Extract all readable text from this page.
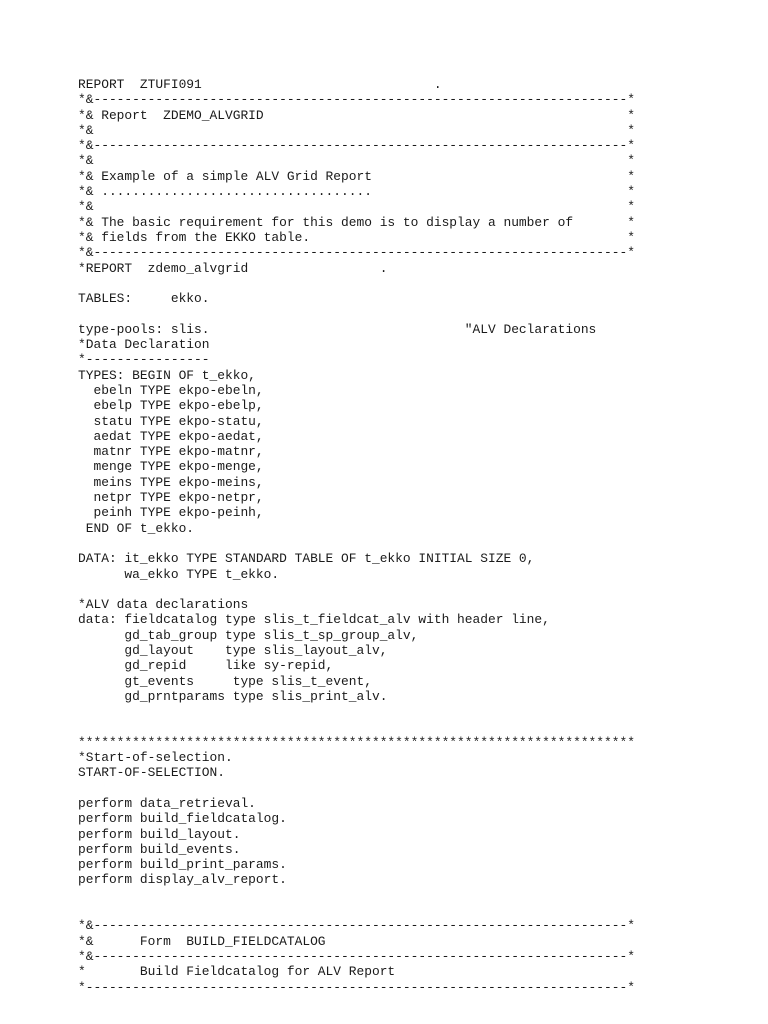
REPORT  ZTUFI091                              .
*&---------------------------------------------------------------------*
*& Report  ZDEMO_ALVGRID                                               *
*&                                                                     *
*&---------------------------------------------------------------------*
*&                                                                     *
*& Example of a simple ALV Grid Report                                 *
*& ...................................                                 *
*&                                                                     *
*& The basic requirement for this demo is to display a number of       *
*& fields from the EKKO table.                                         *
*&---------------------------------------------------------------------*
*REPORT  zdemo_alvgrid                 .
TABLES:     ekko.
type-pools: slis.                                 "ALV Declarations
*Data Declaration
*----------------
TYPES: BEGIN OF t_ekko,
ebeln TYPE ekpo-ebeln,
ebelp TYPE ekpo-ebelp,
statu TYPE ekpo-statu,
aedat TYPE ekpo-aedat,
matnr TYPE ekpo-matnr,
menge TYPE ekpo-menge,
meins TYPE ekpo-meins,
netpr TYPE ekpo-netpr,
peinh TYPE ekpo-peinh,
END OF t_ekko.
DATA: it_ekko TYPE STANDARD TABLE OF t_ekko INITIAL SIZE 0,
wa_ekko TYPE t_ekko.
*ALV data declarations
data: fieldcatalog type slis_t_fieldcat_alv with header line,
gd_tab_group type slis_t_sp_group_alv,
gd_layout    type slis_layout_alv,
gd_repid     like sy-repid,
gt_events     type slis_t_event,
gd_prntparams type slis_print_alv.
************************************************************************
*Start-of-selection.
START-OF-SELECTION.
perform data_retrieval.
perform build_fieldcatalog.
perform build_layout.
perform build_events.
perform build_print_params.
perform display_alv_report.
*&---------------------------------------------------------------------*
*&      Form  BUILD_FIELDCATALOG
*&---------------------------------------------------------------------*
*       Build Fieldcatalog for ALV Report
*----------------------------------------------------------------------*
